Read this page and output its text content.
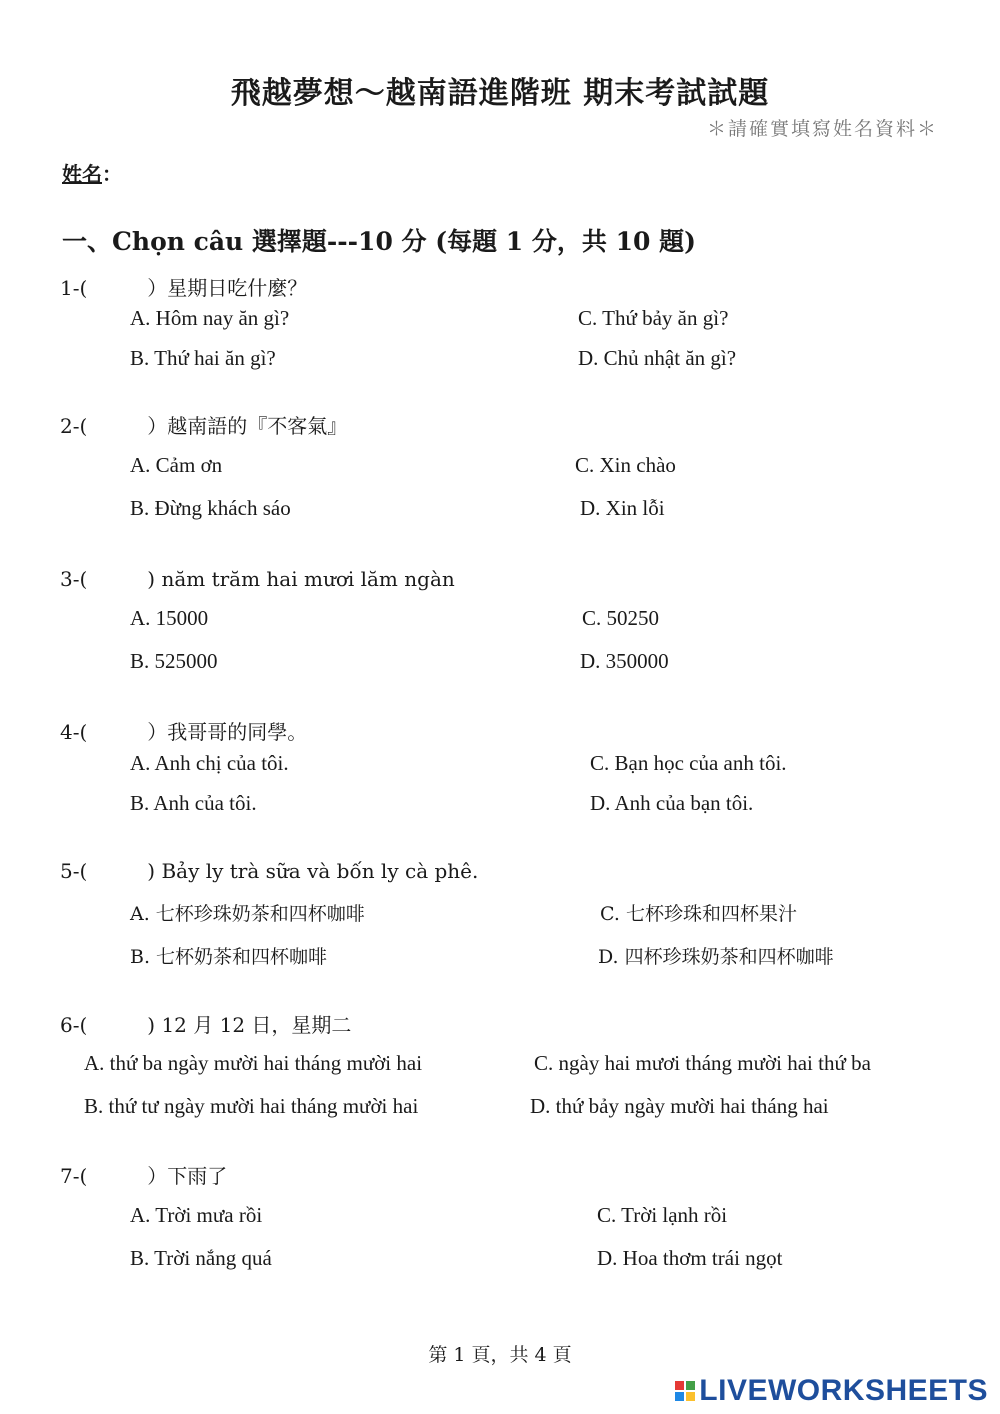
飛越夢想～越南語進階班 期末考試試題
＊請確實填寫姓名資料＊
姓名：
一、Chọn câu 選擇題---10 分 (每題 1 分，共 10 題)
1-(　　　）星期日吃什麼？
A. Hôm nay ăn gì?
B. Thứ hai ăn gì?
C. Thứ bảy ăn gì?
D. Chủ nhật ăn gì?
2-(　　　）越南語的『不客氣』
A. Cảm ơn
B. Đừng khách sáo
C. Xin chào
D. Xin lỗi
3-(　　　) năm trăm hai mươi lăm ngàn
A. 15000
B. 525000
C. 50250
D. 350000
4-(　　　）我哥哥的同學。
A. Anh chị của tôi.
B. Anh của tôi.
C. Bạn học của anh tôi.
D. Anh của bạn tôi.
5-(　　　) Bảy ly trà sữa và bốn ly cà phê.
A. 七杯珍珠奶茶和四杯咖啡
B. 七杯奶茶和四杯咖啡
C. 七杯珍珠和四杯果汁
D. 四杯珍珠奶茶和四杯咖啡
6-(　　　) 12 月 12 日，星期二
A. thứ ba ngày mười hai tháng mười hai
B. thứ tư ngày mười hai tháng mười hai
C. ngày hai mươi tháng mười hai thứ ba
D. thứ bảy ngày mười hai tháng hai
7-(　　　）下雨了
A. Trời mưa rồi
B. Trời nắng quá
C. Trời lạnh rồi
D. Hoa thơm trái ngọt
第 1 頁，共 4 頁
LIVEWORKSHEETS
